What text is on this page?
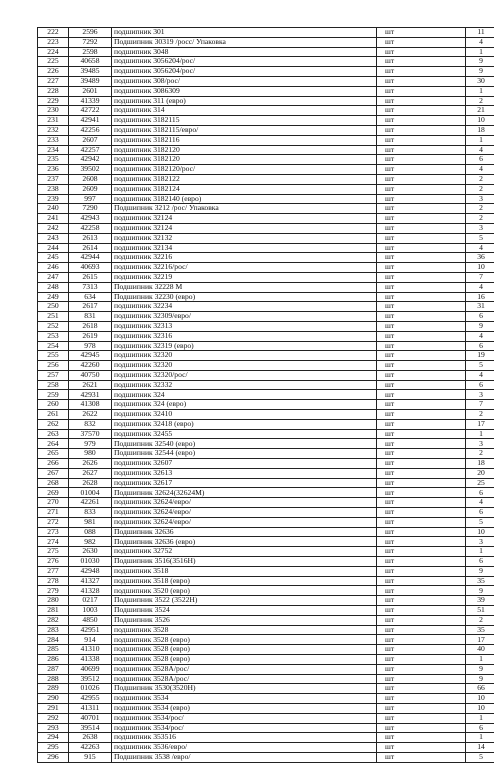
222	2596	подшипник 301	шт	11
223	7292	Подшипник 30319 /росс/ Упаковка	шт	4
224	2598	подшипник 3048	шт	1
225	40658	подшипник 3056204/рос/	шт	9
226	39485	подшипник 3056204/рос/	шт	9
227	39489	подшипник 308/рос/	шт	30
228	2601	подшипник 3086309	шт	1
229	41339	подшипник 311 (евро)	шт	2
230	42722	подшипник 314	шт	21
231	42941	подшипник 3182115	шт	10
232	42256	подшипник 3182115/евро/	шт	18
233	2607	подшипник 3182116	шт	1
234	42257	подшипник 3182120	шт	4
235	42942	подшипник 3182120	шт	6
236	39502	подшипник 3182120/рос/	шт	4
237	2608	подшипник 3182122	шт	2
238	2609	подшипник 3182124	шт	2
239	997	подшипник 3182140 (евро)	шт	3
240	7290	Подшипник 3212 /рос/ Упаковка	шт	2
241	42943	подшипник 32124	шт	2
242	42258	подшипник 32124	шт	3
243	2613	подшипник 32132	шт	5
244	2614	подшипник 32134	шт	4
245	42944	подшипник 32216	шт	36
246	40693	подшипник 32216/рос/	шт	10
247	2615	подшипник 32219	шт	7
248	7313	Подшипник 32228 М	шт	4
249	634	Подшипник 32230 (евро)	шт	16
250	2617	подшипник 32234	шт	31
251	831	подшипник 32309/евро/	шт	6
252	2618	подшипник 32313	шт	9
253	2619	подшипник 32316	шт	4
254	978	подшипник 32319 (евро)	шт	6
255	42945	подшипник 32320	шт	19
256	42260	подшипник 32320	шт	5
257	40750	подшипник 32320/рос/	шт	4
258	2621	подшипник 32332	шт	6
259	42931	подшипник 324	шт	3
260	41308	подшипник 324 (евро)	шт	7
261	2622	подшипник 32410	шт	2
262	832	подшипник 32418 (евро)	шт	17
263	37570	подшипник 32455	шт	1
264	979	Подшипник 32540 (евро)	шт	3
265	980	Подшипник 32544 (евро)	шт	2
266	2626	подшипник 32607	шт	18
267	2627	подшипник 32613	шт	20
268	2628	подшипник 32617	шт	25
269	01004	Подшипник 32624(32624М)	шт	6
270	42261	подшипник 32624/евро/	шт	4
271	833	подшипник 32624/евро/	шт	6
272	981	подшипник 32624/евро/	шт	5
273	088	Подшипник 32636	шт	10
274	982	Подшипник 32636 (евро)	шт	3
275	2630	подшипник 32752	шт	1
276	01030	Подшипник 3516(3516Н)	шт	6
277	42948	подшипник 3518	шт	9
278	41327	подшипник 3518 (евро)	шт	35
279	41328	подшипник 3520 (евро)	шт	9
280	0217	Подшипник 3522 (3522Н)	шт	39
281	1003	Подшипник 3524	шт	51
282	4850	Подшипник 3526	шт	2
283	42951	подшипник 3528	шт	35
284	914	подшипник 3528 (евро)	шт	17
285	41310	подшипник 3528 (евро)	шт	40
286	41338	подшипник 3528 (евро)	шт	1
287	40699	подшипник 3528А/рос/	шт	9
288	39512	подшипник 3528А/рос/	шт	9
289	01026	Подшипник 3530(3520Н)	шт	66
290	42955	подшипник 3534	шт	10
291	41311	подшипник 3534 (евро)	шт	10
292	40701	подшипник 3534/рос/	шт	1
293	39514	подшипник 3534/рос/	шт	6
294	2638	подшипник 353516	шт	1
295	42263	подшипник 3536/евро/	шт	14
296	915	Подшипник 3538 /евро/	шт	5
